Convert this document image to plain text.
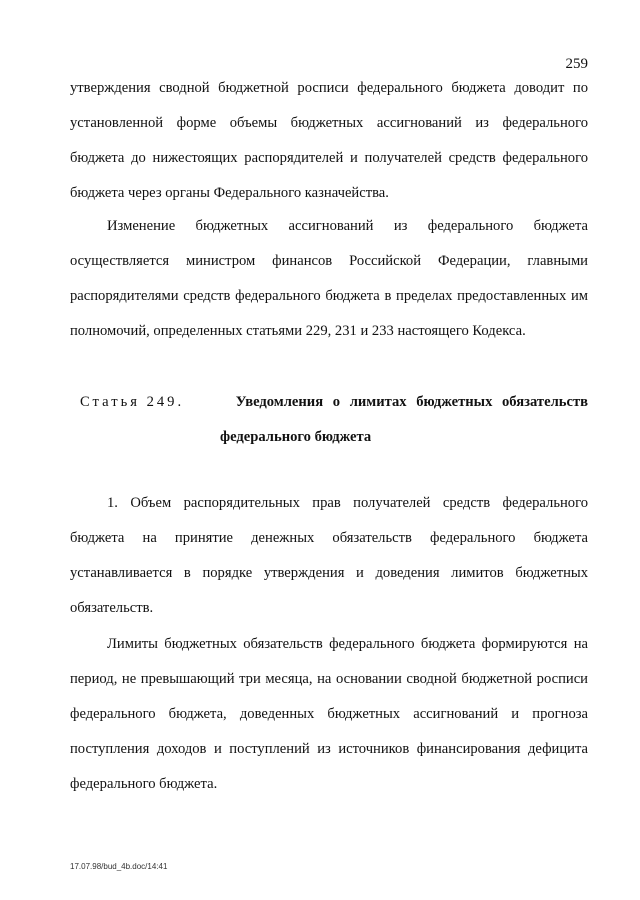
259
утверждения сводной бюджетной росписи федерального бюджета доводит по
установленной форме объемы бюджетных ассигнований из федерального
бюджета до нижестоящих распорядителей и получателей средств федерального
бюджета через органы Федерального казначейства.
Изменение бюджетных ассигнований из федерального бюджета
осуществляется министром финансов Российской Федерации, главными
распорядителями средств федерального бюджета в пределах предоставленных им
полномочий, определенных статьями 229, 231 и 233 настоящего Кодекса.
Статья 249.	Уведомления о лимитах бюджетных обязательств
федерального бюджета
1. Объем распорядительных прав получателей средств федерального
бюджета на принятие денежных обязательств федерального бюджета
устанавливается в порядке утверждения и доведения лимитов бюджетных
обязательств.
Лимиты бюджетных обязательств федерального бюджета формируются на
период, не превышающий три месяца, на основании сводной бюджетной росписи
федерального бюджета, доведенных бюджетных ассигнований и прогноза
поступления доходов и поступлений из источников финансирования дефицита
федерального бюджета.
17.07.98/bud_4b.doc/14:41
